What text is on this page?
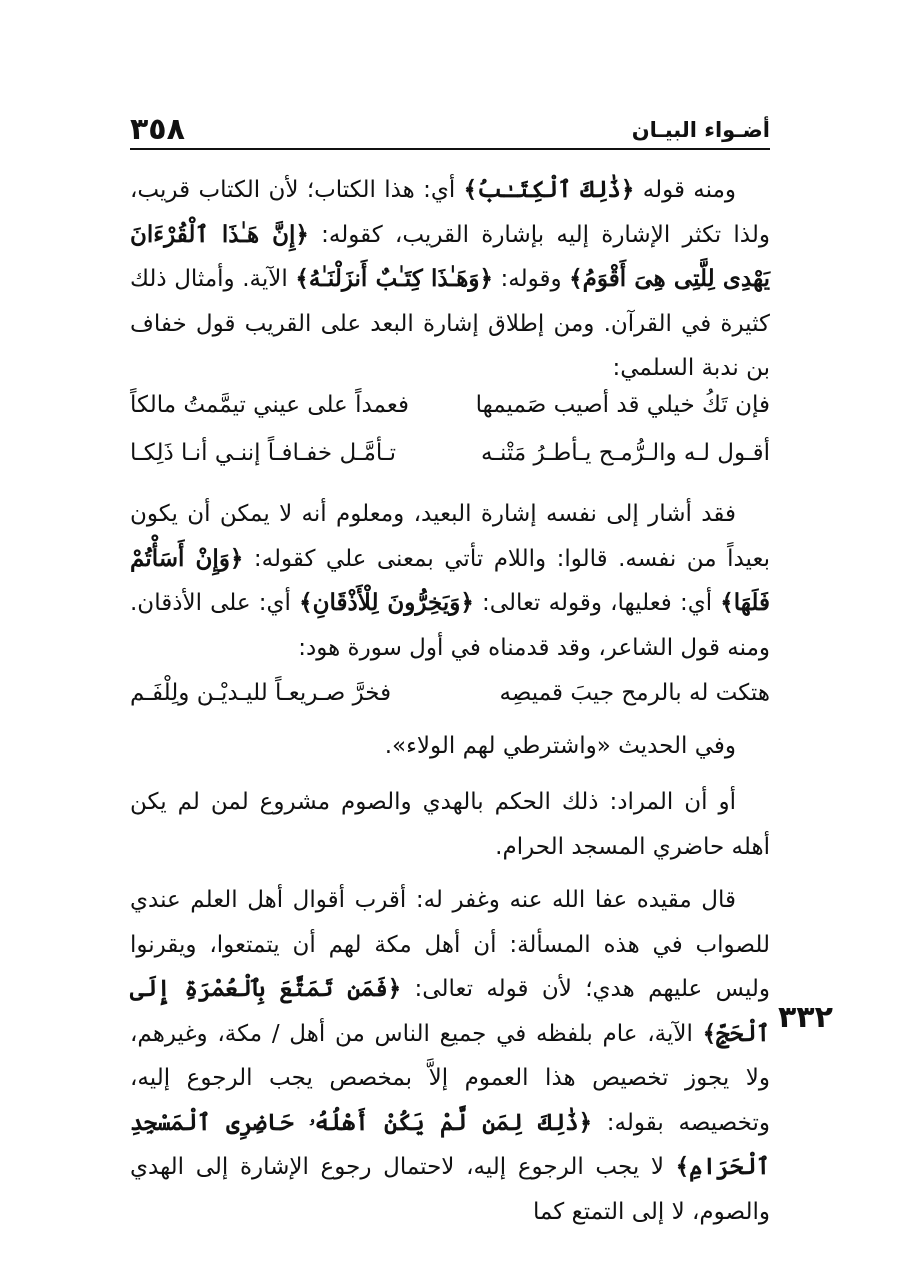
٣٥٨	أضـواء البيـان

ومنه قوله ﴿ذَٰلِكَ ٱلْكِتَـٰبُ﴾ أي: هذا الكتاب؛ لأن الكتاب قريب، ولذا تكثر الإشارة إليه بإشارة القريب، كقوله: ﴿إِنَّ هَـٰذَا ٱلْقُرْءَانَ يَهْدِى لِلَّتِى هِىَ أَقْوَمُ﴾ وقوله: ﴿وَهَـٰذَا كِتَـٰبٌ أَنزَلْنَـٰهُ﴾ الآية. وأمثال ذلك كثيرة في القرآن. ومن إطلاق إشارة البعد على القريب قول خفاف بن ندبة السلمي:

فإن تَكُ خيلي قد أصيب صَميمها
فعمداً على عيني تيمَّمتُ مالكاً
أقـول لـه والـرُّمـح يـأطـرُ مَتْنـه
تـأمَّـل خفـافـاً إننـي أنـا ذَلِكـا

فقد أشار إلى نفسه إشارة البعيد، ومعلوم أنه لا يمكن أن يكون بعيداً من نفسه. قالوا: واللام تأتي بمعنى علي كقوله: ﴿وَإِنْ أَسَأْتُمْ فَلَهَا﴾ أي: فعليها، وقوله تعالى: ﴿وَيَخِرُّونَ لِلْأَذْقَانِ﴾ أي: على الأذقان. ومنه قول الشاعر، وقد قدمناه في أول سورة هود:

هتكت له بالرمح جيبَ قميصِه
فخرَّ صـريعـاً لليـديْـن ولِلْفَـم

وفي الحديث «واشترطي لهم الولاء».

أو أن المراد: ذلك الحكم بالهدي والصوم مشروع لمن لم يكن أهله حاضري المسجد الحرام.

قال مقيده عفا الله عنه وغفر له: أقرب أقوال أهل العلم عندي للصواب في هذه المسألة: أن أهل مكة لهم أن يتمتعوا، ويقرنوا وليس عليهم هدي؛ لأن قوله تعالى: ﴿فَمَن تَمَتَّعَ بِٱلْعُمْرَةِ إِلَى ٱلْحَجِّ﴾ الآية، عام بلفظه في جميع الناس من أهل / مكة، وغيرهم، ولا يجوز تخصيص هذا العموم إلاَّ بمخصص يجب الرجوع إليه، وتخصيصه بقوله: ﴿ذَٰلِكَ لِمَن لَّمْ يَكُنْ أَهْلُهُۥ حَاضِرِى ٱلْمَسْجِدِ ٱلْحَرَامِ﴾ لا يجب الرجوع إليه، لاحتمال رجوع الإشارة إلى الهدي والصوم، لا إلى التمتع كما

٣٣٢
